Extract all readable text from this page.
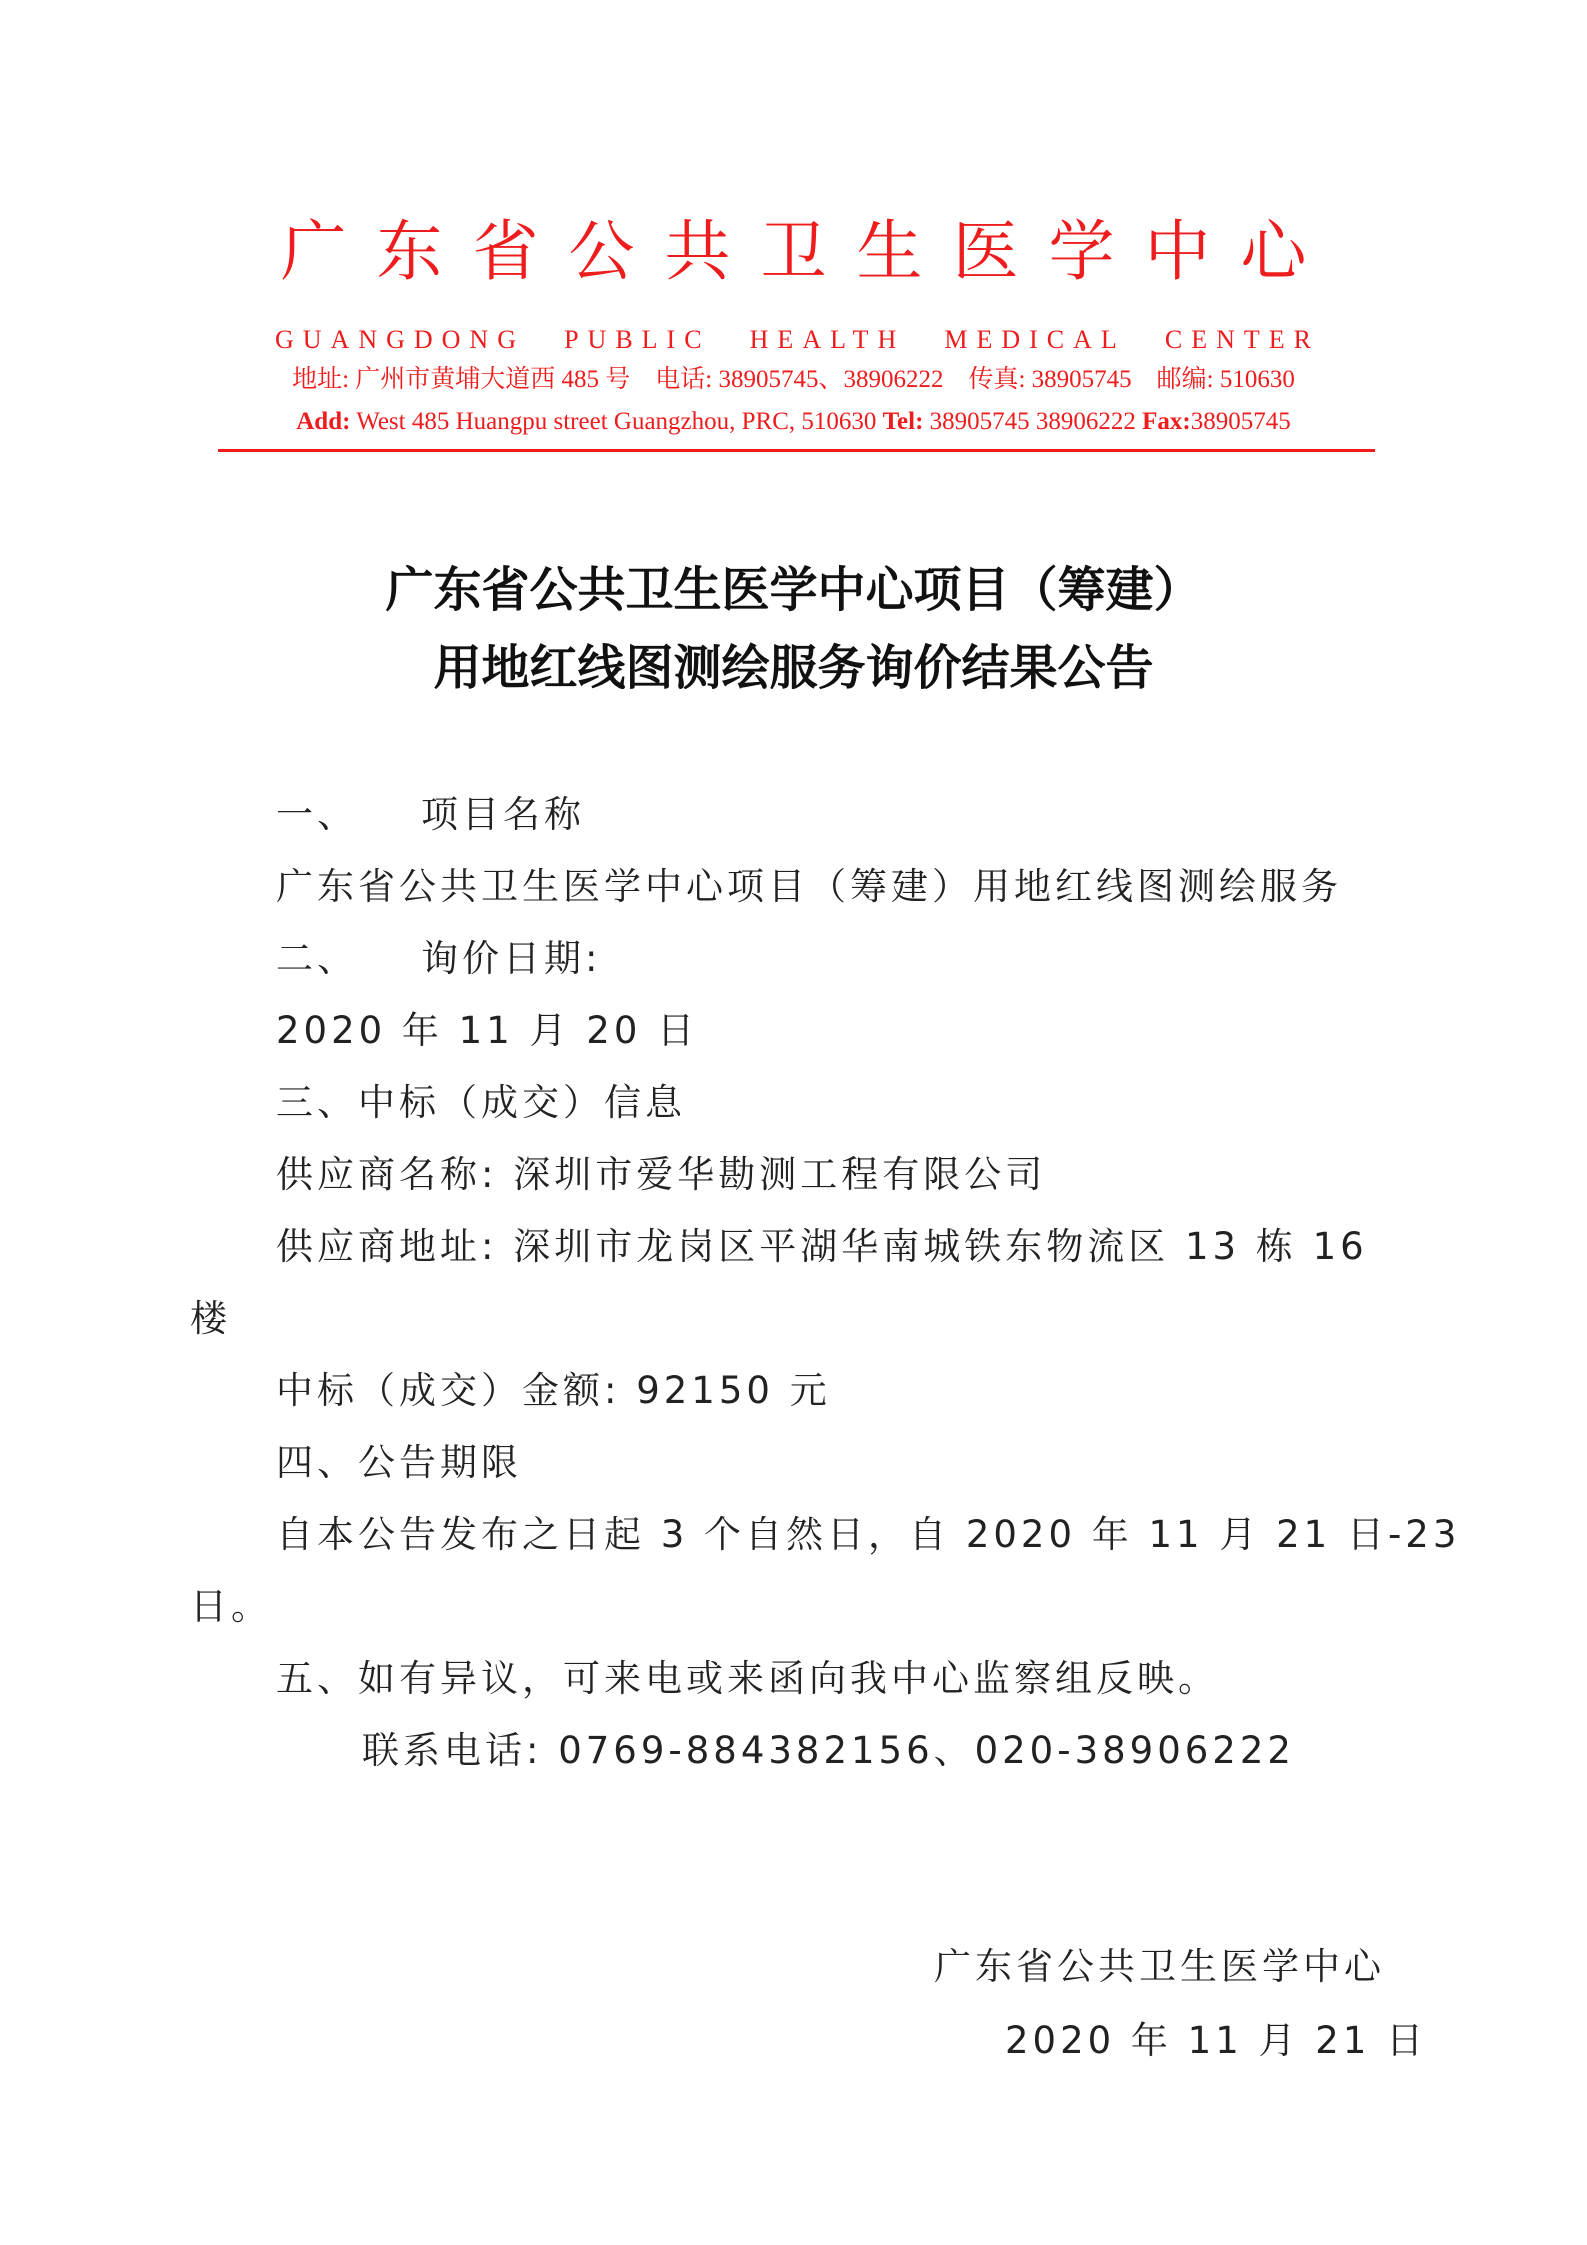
广东省公共卫生医学中心
GUANGDONG PUBLIC HEALTH MEDICAL CENTER
地址: 广州市黄埔大道西 485 号    电话: 38905745、38906222    传真: 38905745    邮编: 510630
Add: West 485 Huangpu street Guangzhou, PRC, 510630 Tel: 38905745 38906222 Fax:38905745
广东省公共卫生医学中心项目（筹建）
用地红线图测绘服务询价结果公告
一、    项目名称
广东省公共卫生医学中心项目（筹建）用地红线图测绘服务
二、    询价日期:
2020 年 11 月 20 日
三、中标（成交）信息
供应商名称: 深圳市爱华勘测工程有限公司
供应商地址: 深圳市龙岗区平湖华南城铁东物流区 13 栋 16
楼
中标（成交）金额: 92150 元
四、公告期限
自本公告发布之日起 3 个自然日，自 2020 年 11 月 21 日-23
日。
五、如有异议，可来电或来函向我中心监察组反映。
联系电话: 0769-884382156、020-38906222
广东省公共卫生医学中心
2020 年 11 月 21 日
